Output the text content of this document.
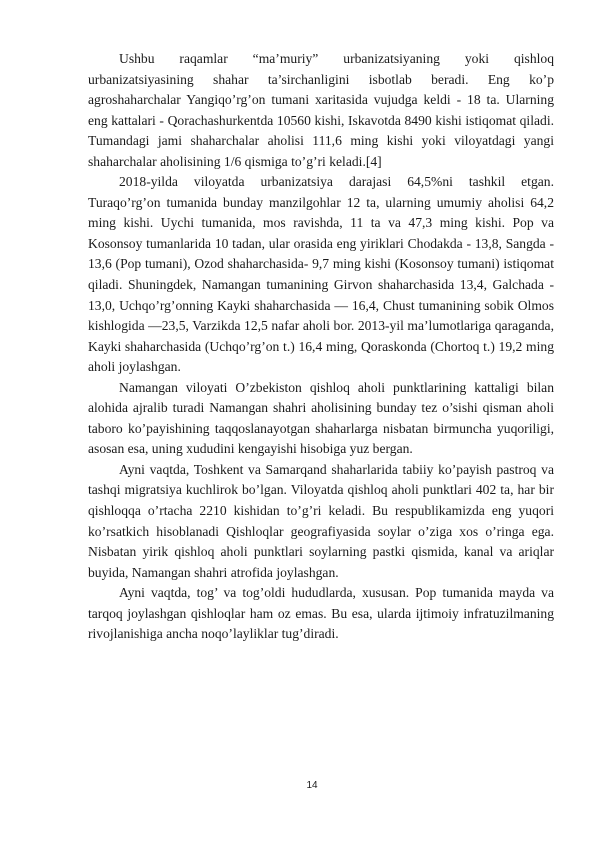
Ushbu raqamlar “ma’muriy” urbanizatsiyaning yoki qishloq urbanizatsiyasining shahar ta’sirchanligini isbotlab beradi. Eng ko’p agroshaharchalar Yangiqo’rg’on tumani xaritasida vujudga keldi - 18 ta. Ularning eng kattalari - Qorachashurkentda 10560 kishi, Iskavotda 8490 kishi istiqomat qiladi. Tumandagi jami shaharchalar aholisi 111,6 ming kishi yoki viloyatdagi yangi shaharchalar aholisining 1/6 qismiga to’g’ri keladi.[4]

2018-yilda viloyatda urbanizatsiya darajasi 64,5%ni tashkil etgan. Turaqo’rg’on tumanida bunday manzilgohlar 12 ta, ularning umumiy aholisi 64,2 ming kishi. Uychi tumanida, mos ravishda, 11 ta va 47,3 ming kishi. Pop va Kosonsoy tumanlarida 10 tadan, ular orasida eng yiriklari Chodakda - 13,8, Sangda - 13,6 (Pop tumani), Ozod shaharchasida- 9,7 ming kishi (Kosonsoy tumani) istiqomat qiladi. Shuningdek, Namangan tumanining Girvon shaharchasida 13,4, Galchada - 13,0, Uchqo’rg’onning Kayki shaharchasida — 16,4, Chust tumanining sobik Olmos kishlogida —23,5, Varzikda 12,5 nafar aholi bor. 2013-yil ma’lumotlariga qaraganda, Kayki shaharchasida (Uchqo’rg’on t.) 16,4 ming, Qoraskonda (Chortoq t.) 19,2 ming aholi joylashgan.

Namangan viloyati O’zbekiston qishloq aholi punktlarining kattaligi bilan alohida ajralib turadi Namangan shahri aholisining bunday tez o’sishi qisman aholi taboro ko’payishining taqqoslanayotgan shaharlarga nisbatan birmuncha yuqoriligi, asosan esa, uning xududini kengayishi hisobiga yuz bergan.

Ayni vaqtda, Toshkent va Samarqand shaharlarida tabiiy ko’payish pastroq va tashqi migratsiya kuchlirok bo’lgan. Viloyatda qishloq aholi punktlari 402 ta, har bir qishloqqa o’rtacha 2210 kishidan to’g’ri keladi. Bu respublikamizda eng yuqori ko’rsatkich hisoblanadi Qishloqlar geografiyasida soylar o’ziga xos o’ringa ega. Nisbatan yirik qishloq aholi punktlari soylarning pastki qismida, kanal va ariqlar buyida, Namangan shahri atrofida joylashgan.

Ayni vaqtda, tog’ va tog’oldi hududlarda, xususan. Pop tumanida mayda va tarqoq joylashgan qishloqlar ham oz emas. Bu esa, ularda ijtimoiy infratuzilmaning rivojlanishiga ancha noqo’layliklar tug’diradi.

14
